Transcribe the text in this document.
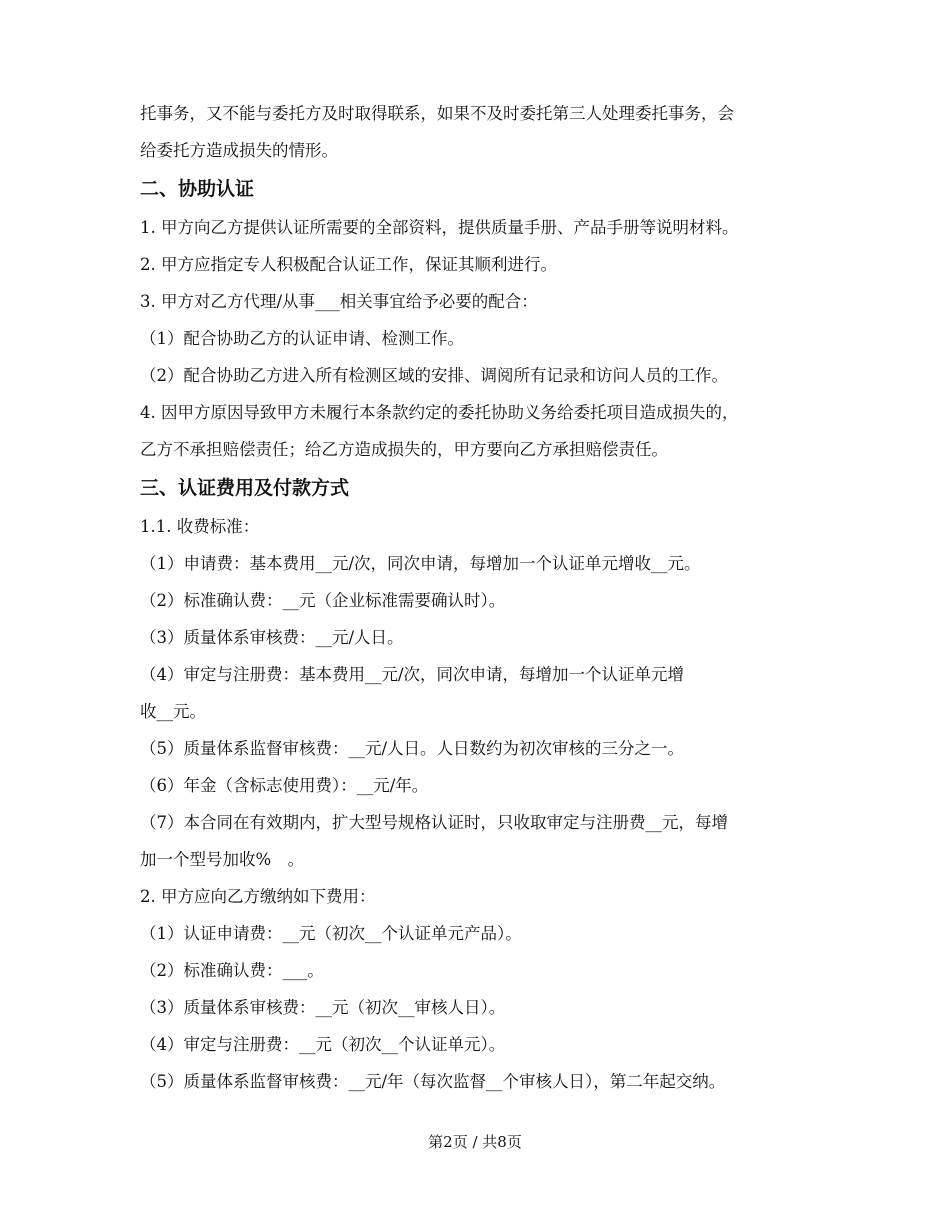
托事务，又不能与委托方及时取得联系，如果不及时委托第三人处理委托事务，会

给委托方造成损失的情形。

二、协助认证

1. 甲方向乙方提供认证所需要的全部资料，提供质量手册、产品手册等说明材料。

2. 甲方应指定专人积极配合认证工作，保证其顺利进行。

3. 甲方对乙方代理/从事___相关事宜给予必要的配合：

（1）配合协助乙方的认证申请、检测工作。

（2）配合协助乙方进入所有检测区域的安排、调阅所有记录和访问人员的工作。

4. 因甲方原因导致甲方未履行本条款约定的委托协助义务给委托项目造成损失的，

乙方不承担赔偿责任；给乙方造成损失的，甲方要向乙方承担赔偿责任。

三、认证费用及付款方式

1.1. 收费标准：

（1）申请费：基本费用__元/次，同次申请，每增加一个认证单元增收__元。

（2）标准确认费：__元（企业标准需要确认时）。

（3）质量体系审核费：__元/人日。

（4）审定与注册费：基本费用__元/次，同次申请，每增加一个认证单元增

收__元。

（5）质量体系监督审核费：__元/人日。人日数约为初次审核的三分之一。

（6）年金（含标志使用费）：__元/年。

（7）本合同在有效期内，扩大型号规格认证时，只收取审定与注册费__元，每增

加一个型号加收%　。

2. 甲方应向乙方缴纳如下费用：

（1）认证申请费：__元（初次__个认证单元产品）。

（2）标准确认费：___。

（3）质量体系审核费：__元（初次__审核人日）。

（4）审定与注册费：__元（初次__个认证单元）。

（5）质量体系监督审核费：__元/年（每次监督__个审核人日），第二年起交纳。

第2页 / 共8页
